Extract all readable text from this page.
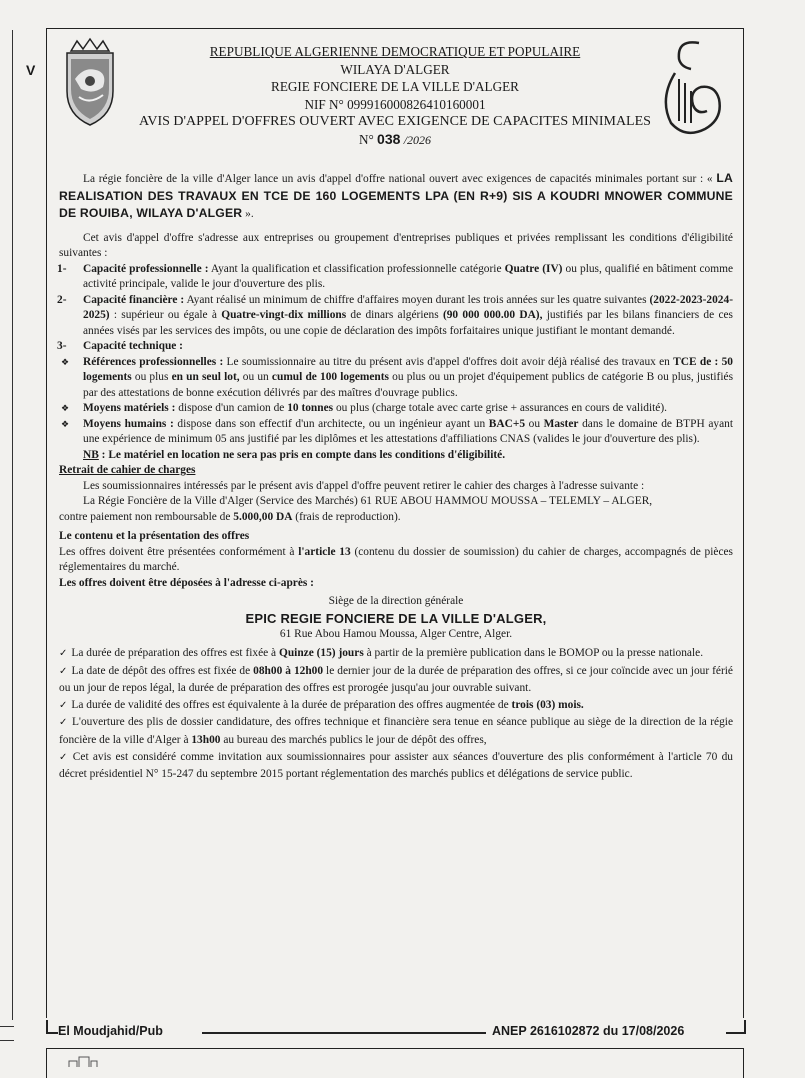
V
REPUBLIQUE ALGERIENNE DEMOCRATIQUE ET POPULAIRE
WILAYA D'ALGER
REGIE FONCIERE DE LA VILLE D'ALGER
NIF N° 099916000826410160001
AVIS D'APPEL D'OFFRES OUVERT AVEC EXIGENCE DE CAPACITES MINIMALES
N° 038 /2026

La régie foncière de la ville d'Alger lance un avis d'appel d'offre national ouvert avec exigences de capacités minimales portant sur : « LA REALISATION DES TRAVAUX EN TCE DE 160 LOGEMENTS LPA (EN R+9) SIS A KOUDRI MNOWER COMMUNE DE ROUIBA, WILAYA D'ALGER ».

Cet avis d'appel d'offre s'adresse aux entreprises ou groupement d'entreprises publiques et privées remplissant les conditions d'éligibilité suivantes :

1- Capacité professionnelle : Ayant la qualification et classification professionnelle catégorie Quatre (IV) ou plus, qualifié en bâtiment comme activité principale, valide le jour d'ouverture des plis.

2- Capacité financière : Ayant réalisé un minimum de chiffre d'affaires moyen durant les trois années sur les quatre suivantes (2022-2023-2024-2025) : supérieur ou égale à Quatre-vingt-dix millions de dinars algériens (90 000 000.00 DA), justifiés par les bilans financiers de ces années visés par les services des impôts, ou une copie de déclaration des impôts forfaitaires unique justifiant le montant demandé.

3- Capacité technique :

❖ Références professionnelles : Le soumissionnaire au titre du présent avis d'appel d'offres doit avoir déjà réalisé des travaux en TCE de : 50 logements ou plus en un seul lot, ou un cumul de 100 logements ou plus ou un projet d'équipement publics de catégorie B ou plus, justifiés par des attestations de bonne exécution délivrés par des maîtres d'ouvrage publics.

❖ Moyens matériels : dispose d'un camion de 10 tonnes ou plus (charge totale avec carte grise + assurances en cours de validité).

❖ Moyens humains : dispose dans son effectif d'un architecte, ou un ingénieur ayant un BAC+5 ou Master dans le domaine de BTPH ayant une expérience de minimum 05 ans justifié par les diplômes et les attestations d'affiliations CNAS (valides le jour d'ouverture des plis).

NB : Le matériel en location ne sera pas pris en compte dans les conditions d'éligibilité.

Retrait de cahier de charges

Les soumissionnaires intéressés par le présent avis d'appel d'offre peuvent retirer le cahier des charges à l'adresse suivante :

La Régie Foncière de la Ville d'Alger (Service des Marchés) 61 RUE ABOU HAMMOU MOUSSA – TELEMLY – ALGER,

contre paiement non remboursable de 5.000,00 DA (frais de reproduction).

Le contenu et la présentation des offres

Les offres doivent être présentées conformément à l'article 13 (contenu du dossier de soumission) du cahier de charges, accompagnés de pièces réglementaires du marché.

Les offres doivent être déposées à l'adresse ci-après :

Siège de la direction générale

EPIC REGIE FONCIERE DE LA VILLE D'ALGER,

61 Rue Abou Hamou Moussa, Alger Centre, Alger.

✓ La durée de préparation des offres est fixée à Quinze (15) jours à partir de la première publication dans le BOMOP ou la presse nationale.

✓ La date de dépôt des offres est fixée de 08h00 à 12h00 le dernier jour de la durée de préparation des offres, si ce jour coïncide avec un jour férié ou un jour de repos légal, la durée de préparation des offres est prorogée jusqu'au jour ouvrable suivant.

✓ La durée de validité des offres est équivalente à la durée de préparation des offres augmentée de trois (03) mois.

✓ L'ouverture des plis de dossier candidature, des offres technique et financière sera tenue en séance publique au siège de la direction de la régie foncière de la ville d'Alger à 13h00 au bureau des marchés publics le jour de dépôt des offres,

✓ Cet avis est considéré comme invitation aux soumissionnaires pour assister aux séances d'ouverture des plis conformément à l'article 70 du décret présidentiel N° 15-247 du septembre 2015 portant réglementation des marchés publics et délégations de service public.

El Moudjahid/Pub	ANEP 2616102872 du 17/08/2026
